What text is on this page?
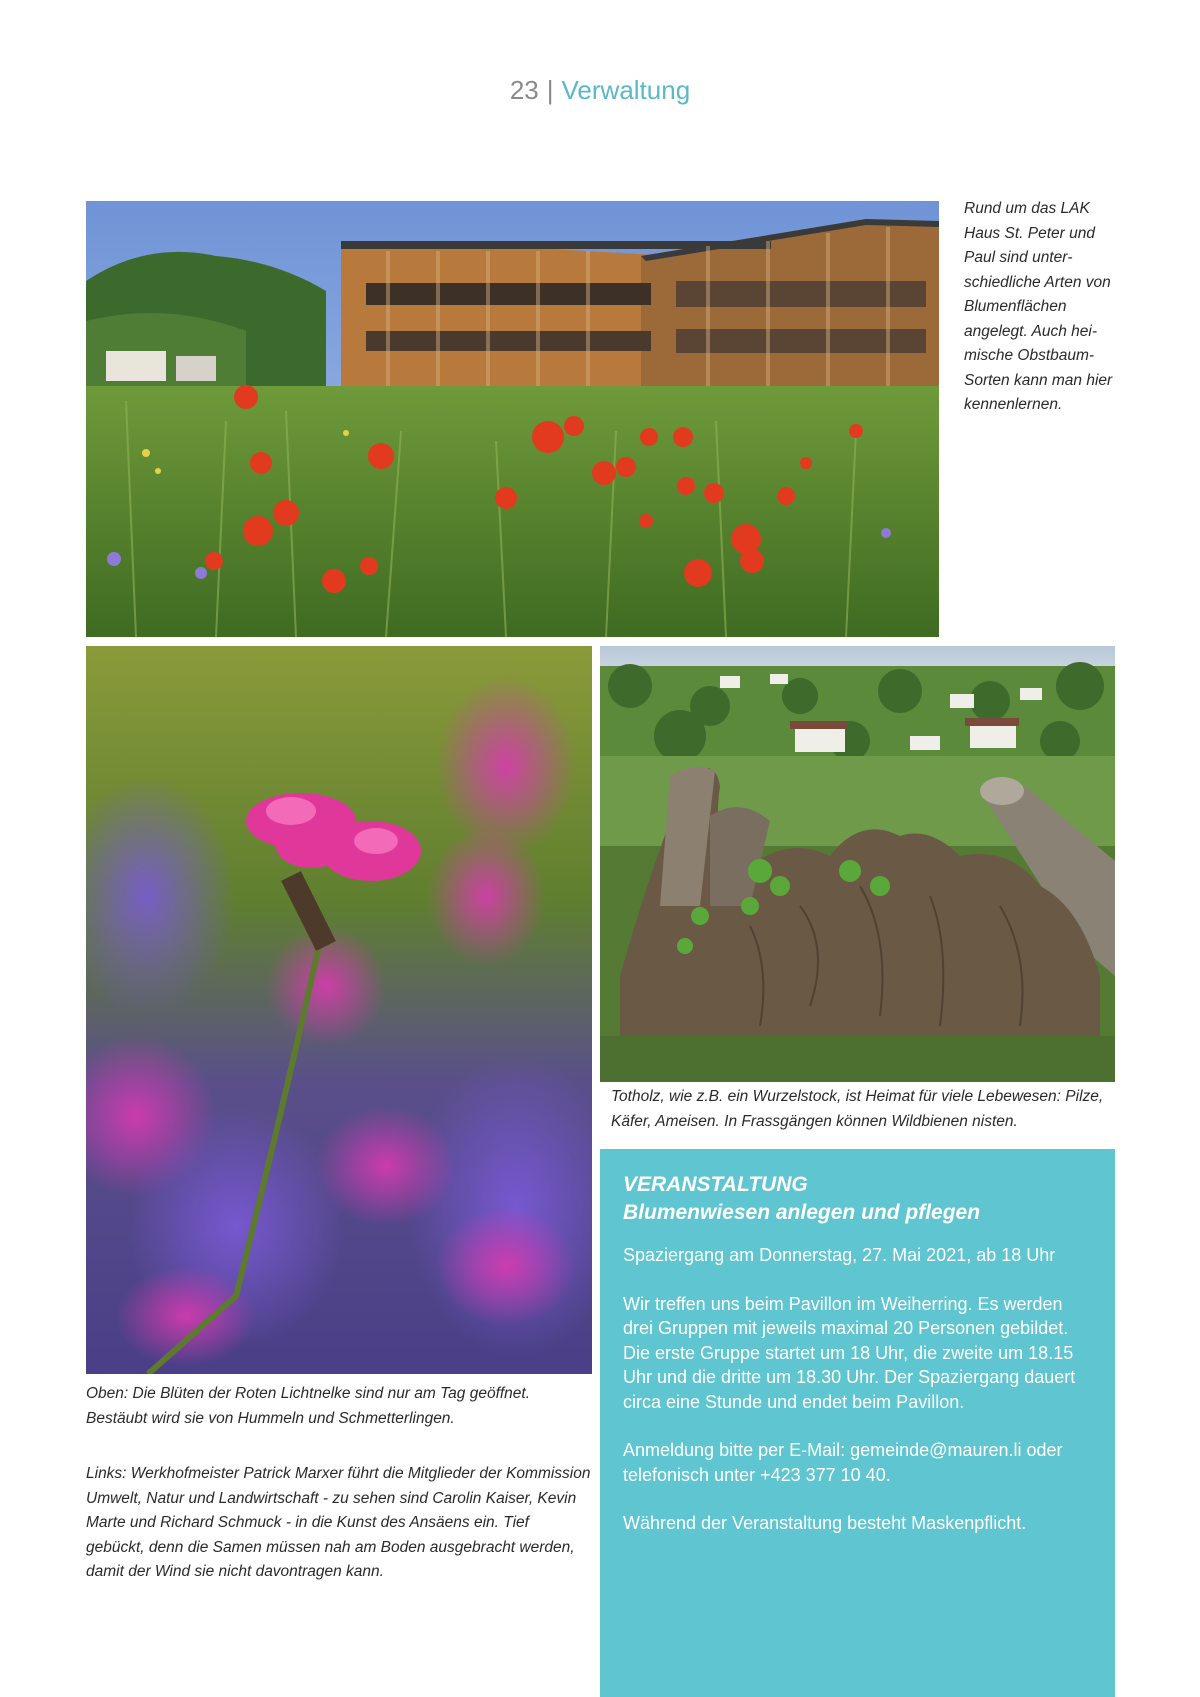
23 | Verwaltung

Rund um das LAK Haus St. Peter und Paul sind unterschiedliche Arten von Blumenflächen angelegt. Auch heimische Obstbaum-Sorten kann man hier kennenlernen.

Totholz, wie z.B. ein Wurzelstock, ist Heimat für viele Lebewesen: Pilze, Käfer, Ameisen. In Frassgängen können Wildbienen nisten.

Oben: Die Blüten der Roten Lichtnelke sind nur am Tag geöffnet. Bestäubt wird sie von Hummeln und Schmetterlingen.

Links: Werkhofmeister Patrick Marxer führt die Mitglieder der Kommission Umwelt, Natur und Landwirtschaft - zu sehen sind Carolin Kaiser, Kevin Marte und Richard Schmuck - in die Kunst des Ansäens ein. Tief gebückt, denn die Samen müssen nah am Boden ausgebracht werden, damit der Wind sie nicht davontragen kann.

VERANSTALTUNG
Blumenwiesen anlegen und pflegen

Spaziergang am Donnerstag, 27. Mai 2021, ab 18 Uhr

Wir treffen uns beim Pavillon im Weiherring. Es werden drei Gruppen mit jeweils maximal 20 Personen gebildet. Die erste Gruppe startet um 18 Uhr, die zweite um 18.15 Uhr und die dritte um 18.30 Uhr. Der Spaziergang dauert circa eine Stunde und endet beim Pavillon.

Anmeldung bitte per E-Mail: gemeinde@mauren.li oder telefonisch unter +423 377 10 40.

Während der Veranstaltung besteht Maskenpflicht.
